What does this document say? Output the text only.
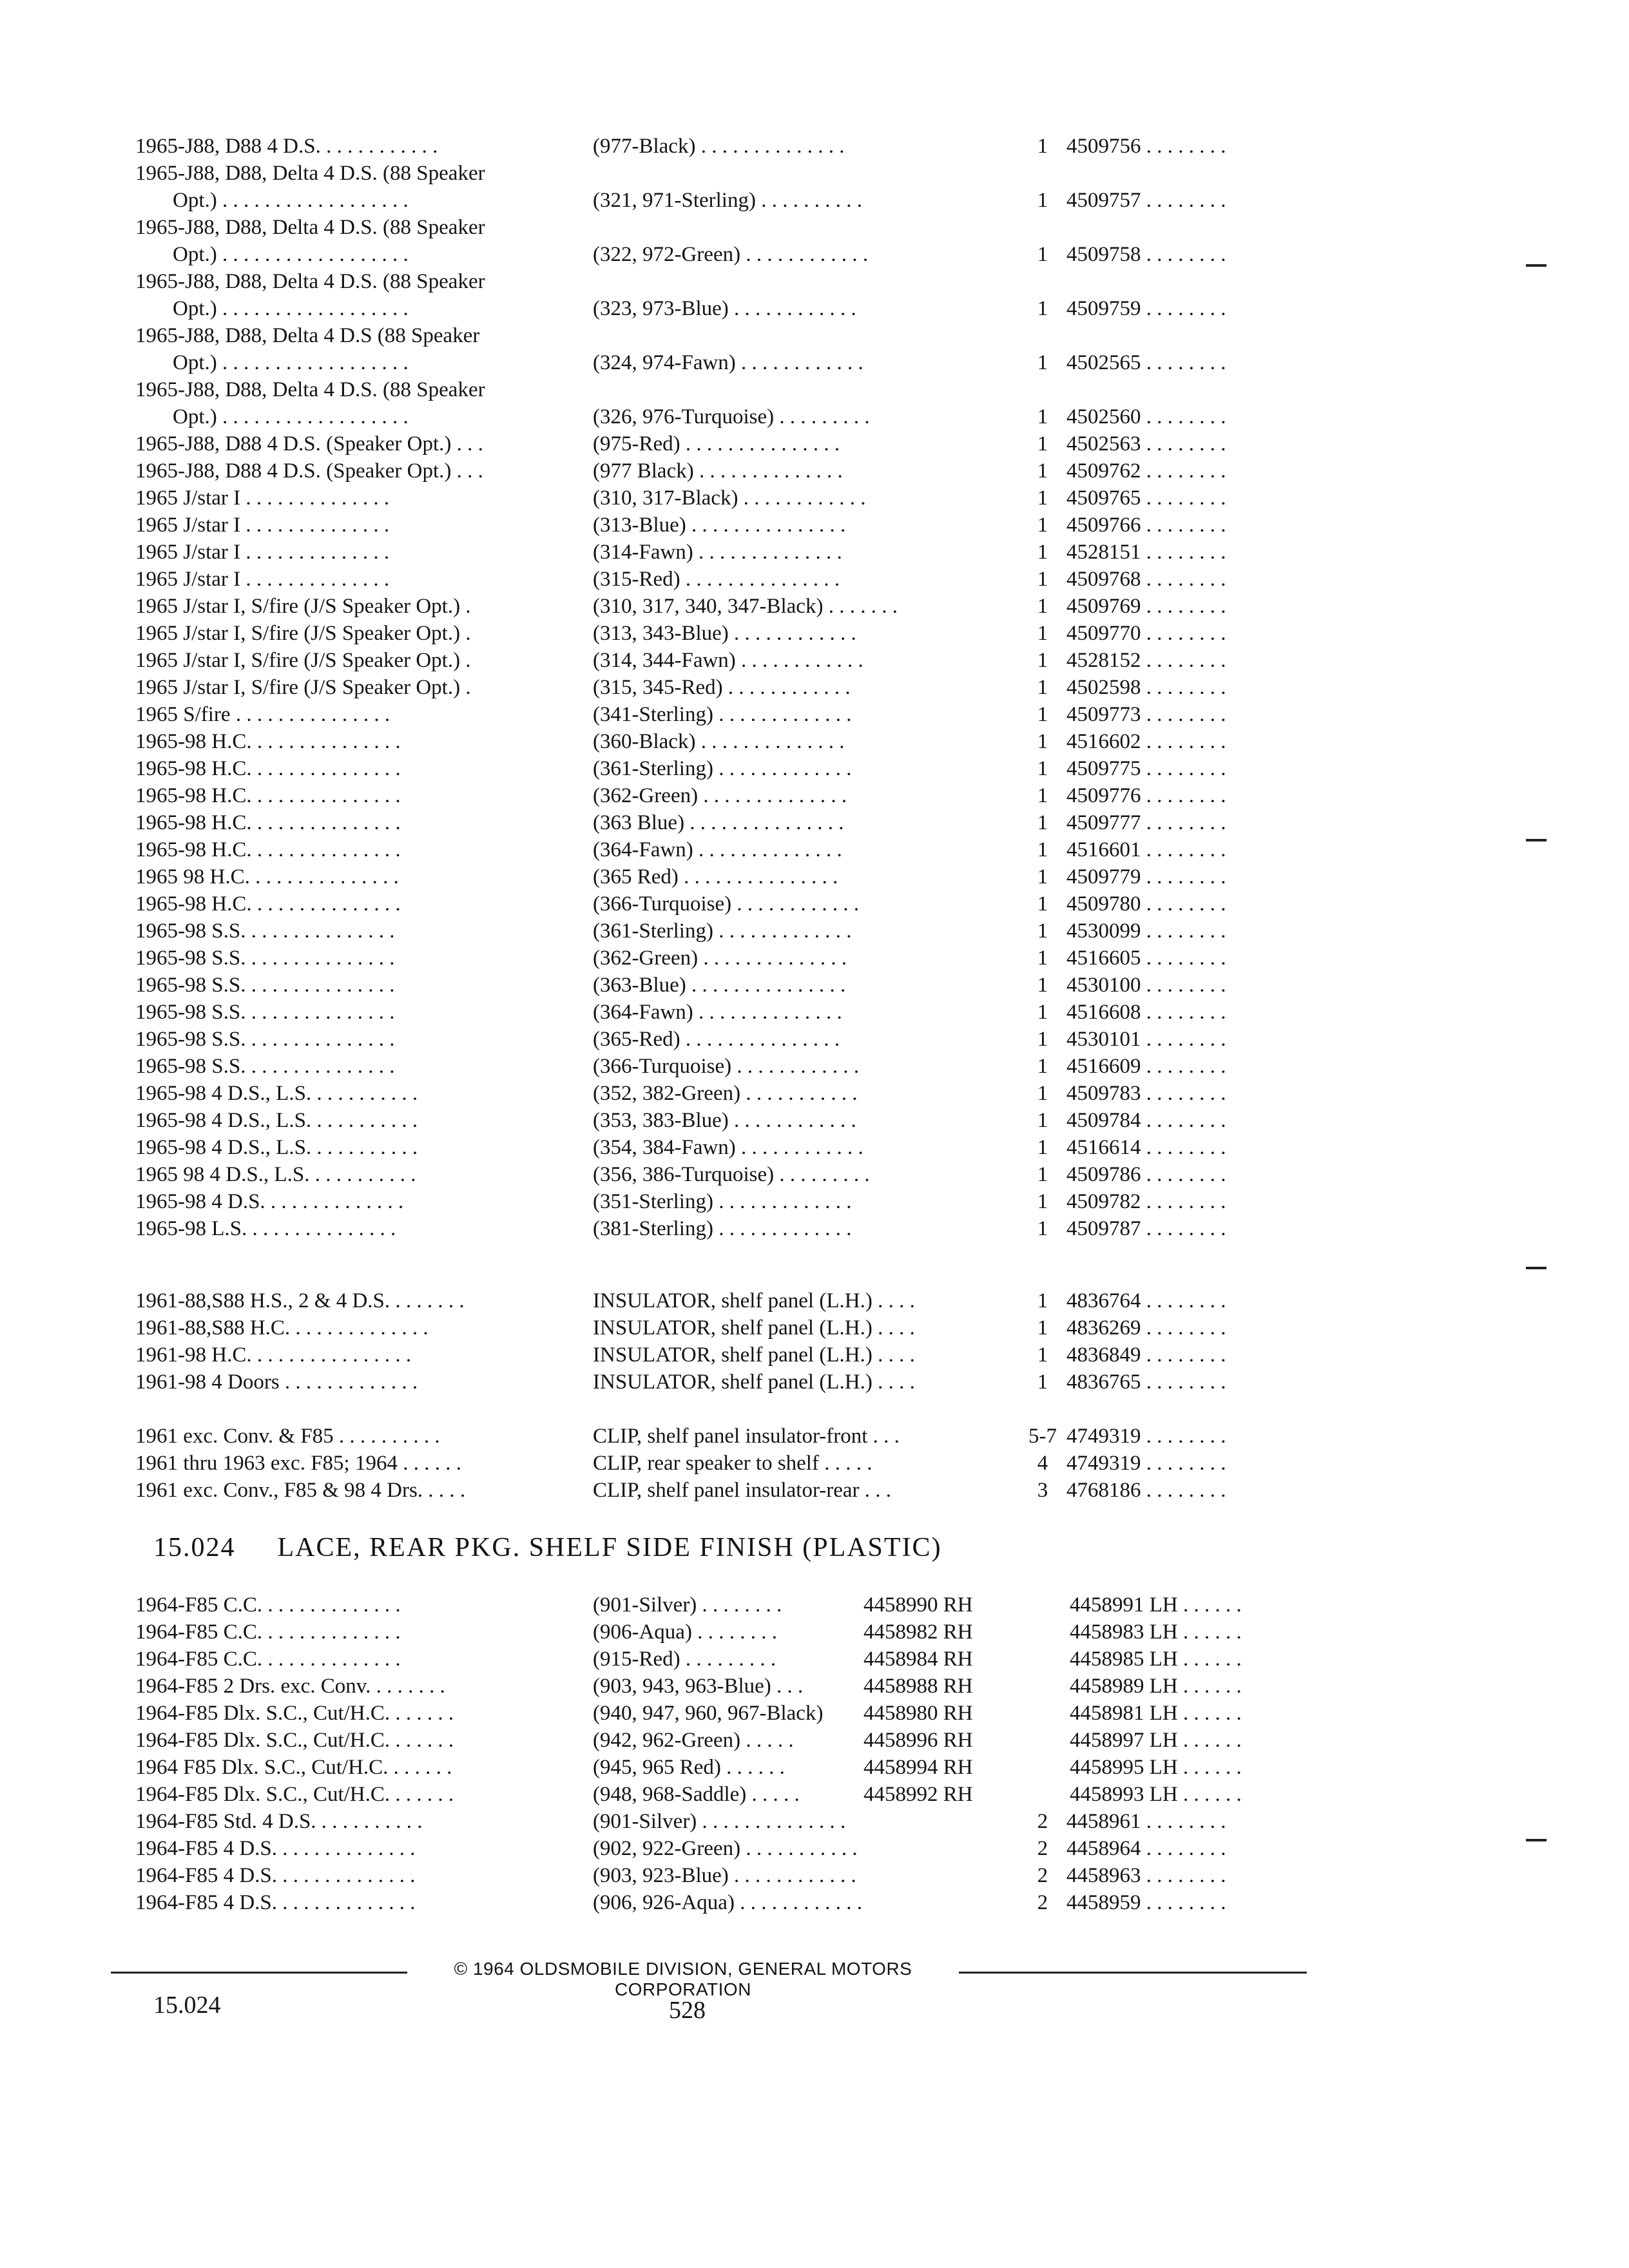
1965-J88, D88 4 D.S. . . . . . . . . . . .	(977-Black) . . . . . . . . . . . . . .	1 4509756 . . . . . . . .
1965-J88, D88, Delta 4 D.S. (88 Speaker
Opt.) . . . . . . . . . . . . . . . . . .	(321, 971-Sterling) . . . . . . . . . .	1 4509757 . . . . . . . .
1965-J88, D88, Delta 4 D.S. (88 Speaker
Opt.) . . . . . . . . . . . . . . . . . .	(322, 972-Green) . . . . . . . . . . . .	1 4509758 . . . . . . . .
1965-J88, D88, Delta 4 D.S. (88 Speaker
Opt.) . . . . . . . . . . . . . . . . . .	(323, 973-Blue) . . . . . . . . . . . .	1 4509759 . . . . . . . .
1965-J88, D88, Delta 4 D.S (88 Speaker
Opt.) . . . . . . . . . . . . . . . . . .	(324, 974-Fawn) . . . . . . . . . . . .	1 4502565 . . . . . . . .
1965-J88, D88, Delta 4 D.S. (88 Speaker
Opt.) . . . . . . . . . . . . . . . . . .	(326, 976-Turquoise) . . . . . . . . .	1 4502560 . . . . . . . .
1965-J88, D88 4 D.S. (Speaker Opt.) . . .	(975-Red) . . . . . . . . . . . . . . .	1 4502563 . . . . . . . .
1965-J88, D88 4 D.S. (Speaker Opt.) . . .	(977 Black) . . . . . . . . . . . . . .	1 4509762 . . . . . . . .
1965 J/star I . . . . . . . . . . . . . .	(310, 317-Black) . . . . . . . . . . . .	1 4509765 . . . . . . . .
1965 J/star I . . . . . . . . . . . . . .	(313-Blue) . . . . . . . . . . . . . . .	1 4509766 . . . . . . . .
1965 J/star I . . . . . . . . . . . . . .	(314-Fawn) . . . . . . . . . . . . . .	1 4528151 . . . . . . . .
1965 J/star I . . . . . . . . . . . . . .	(315-Red) . . . . . . . . . . . . . . .	1 4509768 . . . . . . . .
1965 J/star I, S/fire (J/S Speaker Opt.) .	(310, 317, 340, 347-Black) . . . . . . .	1 4509769 . . . . . . . .
1965 J/star I, S/fire (J/S Speaker Opt.) .	(313, 343-Blue) . . . . . . . . . . . .	1 4509770 . . . . . . . .
1965 J/star I, S/fire (J/S Speaker Opt.) .	(314, 344-Fawn) . . . . . . . . . . . .	1 4528152 . . . . . . . .
1965 J/star I, S/fire (J/S Speaker Opt.) .	(315, 345-Red) . . . . . . . . . . . .	1 4502598 . . . . . . . .
1965 S/fire . . . . . . . . . . . . . . .	(341-Sterling) . . . . . . . . . . . . .	1 4509773 . . . . . . . .
1965-98 H.C. . . . . . . . . . . . . . .	(360-Black) . . . . . . . . . . . . . .	1 4516602 . . . . . . . .
1965-98 H.C. . . . . . . . . . . . . . .	(361-Sterling) . . . . . . . . . . . . .	1 4509775 . . . . . . . .
1965-98 H.C. . . . . . . . . . . . . . .	(362-Green) . . . . . . . . . . . . . .	1 4509776 . . . . . . . .
1965-98 H.C. . . . . . . . . . . . . . .	(363 Blue) . . . . . . . . . . . . . . .	1 4509777 . . . . . . . .
1965-98 H.C. . . . . . . . . . . . . . .	(364-Fawn) . . . . . . . . . . . . . .	1 4516601 . . . . . . . .
1965 98 H.C. . . . . . . . . . . . . . .	(365 Red) . . . . . . . . . . . . . . .	1 4509779 . . . . . . . .
1965-98 H.C. . . . . . . . . . . . . . .	(366-Turquoise) . . . . . . . . . . . .	1 4509780 . . . . . . . .
1965-98 S.S. . . . . . . . . . . . . . .	(361-Sterling) . . . . . . . . . . . . .	1 4530099 . . . . . . . .
1965-98 S.S. . . . . . . . . . . . . . .	(362-Green) . . . . . . . . . . . . . .	1 4516605 . . . . . . . .
1965-98 S.S. . . . . . . . . . . . . . .	(363-Blue) . . . . . . . . . . . . . . .	1 4530100 . . . . . . . .
1965-98 S.S. . . . . . . . . . . . . . .	(364-Fawn) . . . . . . . . . . . . . .	1 4516608 . . . . . . . .
1965-98 S.S. . . . . . . . . . . . . . .	(365-Red) . . . . . . . . . . . . . . .	1 4530101 . . . . . . . .
1965-98 S.S. . . . . . . . . . . . . . .	(366-Turquoise) . . . . . . . . . . . .	1 4516609 . . . . . . . .
1965-98 4 D.S., L.S. . . . . . . . . . .	(352, 382-Green) . . . . . . . . . . .	1 4509783 . . . . . . . .
1965-98 4 D.S., L.S. . . . . . . . . . .	(353, 383-Blue) . . . . . . . . . . . .	1 4509784 . . . . . . . .
1965-98 4 D.S., L.S. . . . . . . . . . .	(354, 384-Fawn) . . . . . . . . . . . .	1 4516614 . . . . . . . .
1965 98 4 D.S., L.S. . . . . . . . . . .	(356, 386-Turquoise) . . . . . . . . .	1 4509786 . . . . . . . .
1965-98 4 D.S. . . . . . . . . . . . . .	(351-Sterling) . . . . . . . . . . . . .	1 4509782 . . . . . . . .
1965-98 L.S. . . . . . . . . . . . . . .	(381-Sterling) . . . . . . . . . . . . .	1 4509787 . . . . . . . .
1961-88,S88 H.S., 2 & 4 D.S. . . . . . . .	INSULATOR, shelf panel (L.H.) . . . .	1 4836764 . . . . . . . .
1961-88,S88 H.C. . . . . . . . . . . . . .	INSULATOR, shelf panel (L.H.) . . . .	1 4836269 . . . . . . . .
1961-98 H.C. . . . . . . . . . . . . . . .	INSULATOR, shelf panel (L.H.) . . . .	1 4836849 . . . . . . . .
1961-98 4 Doors . . . . . . . . . . . . .	INSULATOR, shelf panel (L.H.) . . . .	1 4836765 . . . . . . . .
1961 exc. Conv. & F85 . . . . . . . . . .	CLIP, shelf panel insulator-front . . .	5-7 4749319 . . . . . . . .
1961 thru 1963 exc. F85; 1964 . . . . . .	CLIP, rear speaker to shelf . . . . .	4 4749319 . . . . . . . .
1961 exc. Conv., F85 & 98 4 Drs. . . . .	CLIP, shelf panel insulator-rear . . .	3 4768186 . . . . . . . .
15.024 LACE, REAR PKG. SHELF SIDE FINISH (PLASTIC)
1964-F85 C.C. . . . . . . . . . . . . .	(901-Silver) . . . . . . . .	4458990 RH	4458991 LH . . . . . .
1964-F85 C.C. . . . . . . . . . . . . .	(906-Aqua) . . . . . . . .	4458982 RH	4458983 LH . . . . . .
1964-F85 C.C. . . . . . . . . . . . . .	(915-Red) . . . . . . . . .	4458984 RH	4458985 LH . . . . . .
1964-F85 2 Drs. exc. Conv. . . . . . . .	(903, 943, 963-Blue) . . .	4458988 RH	4458989 LH . . . . . .
1964-F85 Dlx. S.C., Cut/H.C. . . . . . .	(940, 947, 960, 967-Black)	4458980 RH	4458981 LH . . . . . .
1964-F85 Dlx. S.C., Cut/H.C. . . . . . .	(942, 962-Green) . . . . .	4458996 RH	4458997 LH . . . . . .
1964 F85 Dlx. S.C., Cut/H.C. . . . . . .	(945, 965 Red) . . . . . .	4458994 RH	4458995 LH . . . . . .
1964-F85 Dlx. S.C., Cut/H.C. . . . . . .	(948, 968-Saddle) . . . . .	4458992 RH	4458993 LH . . . . . .
1964-F85 Std. 4 D.S. . . . . . . . . . .	(901-Silver) . . . . . . . . . . . . . .	2 4458961 . . . . . . . .
1964-F85 4 D.S. . . . . . . . . . . . . .	(902, 922-Green) . . . . . . . . . . .	2 4458964 . . . . . . . .
1964-F85 4 D.S. . . . . . . . . . . . . .	(903, 923-Blue) . . . . . . . . . . . .	2 4458963 . . . . . . . .
1964-F85 4 D.S. . . . . . . . . . . . . .	(906, 926-Aqua) . . . . . . . . . . . .	2 4458959 . . . . . . . .
© 1964 OLDSMOBILE DIVISION, GENERAL MOTORS CORPORATION
15.024	528
